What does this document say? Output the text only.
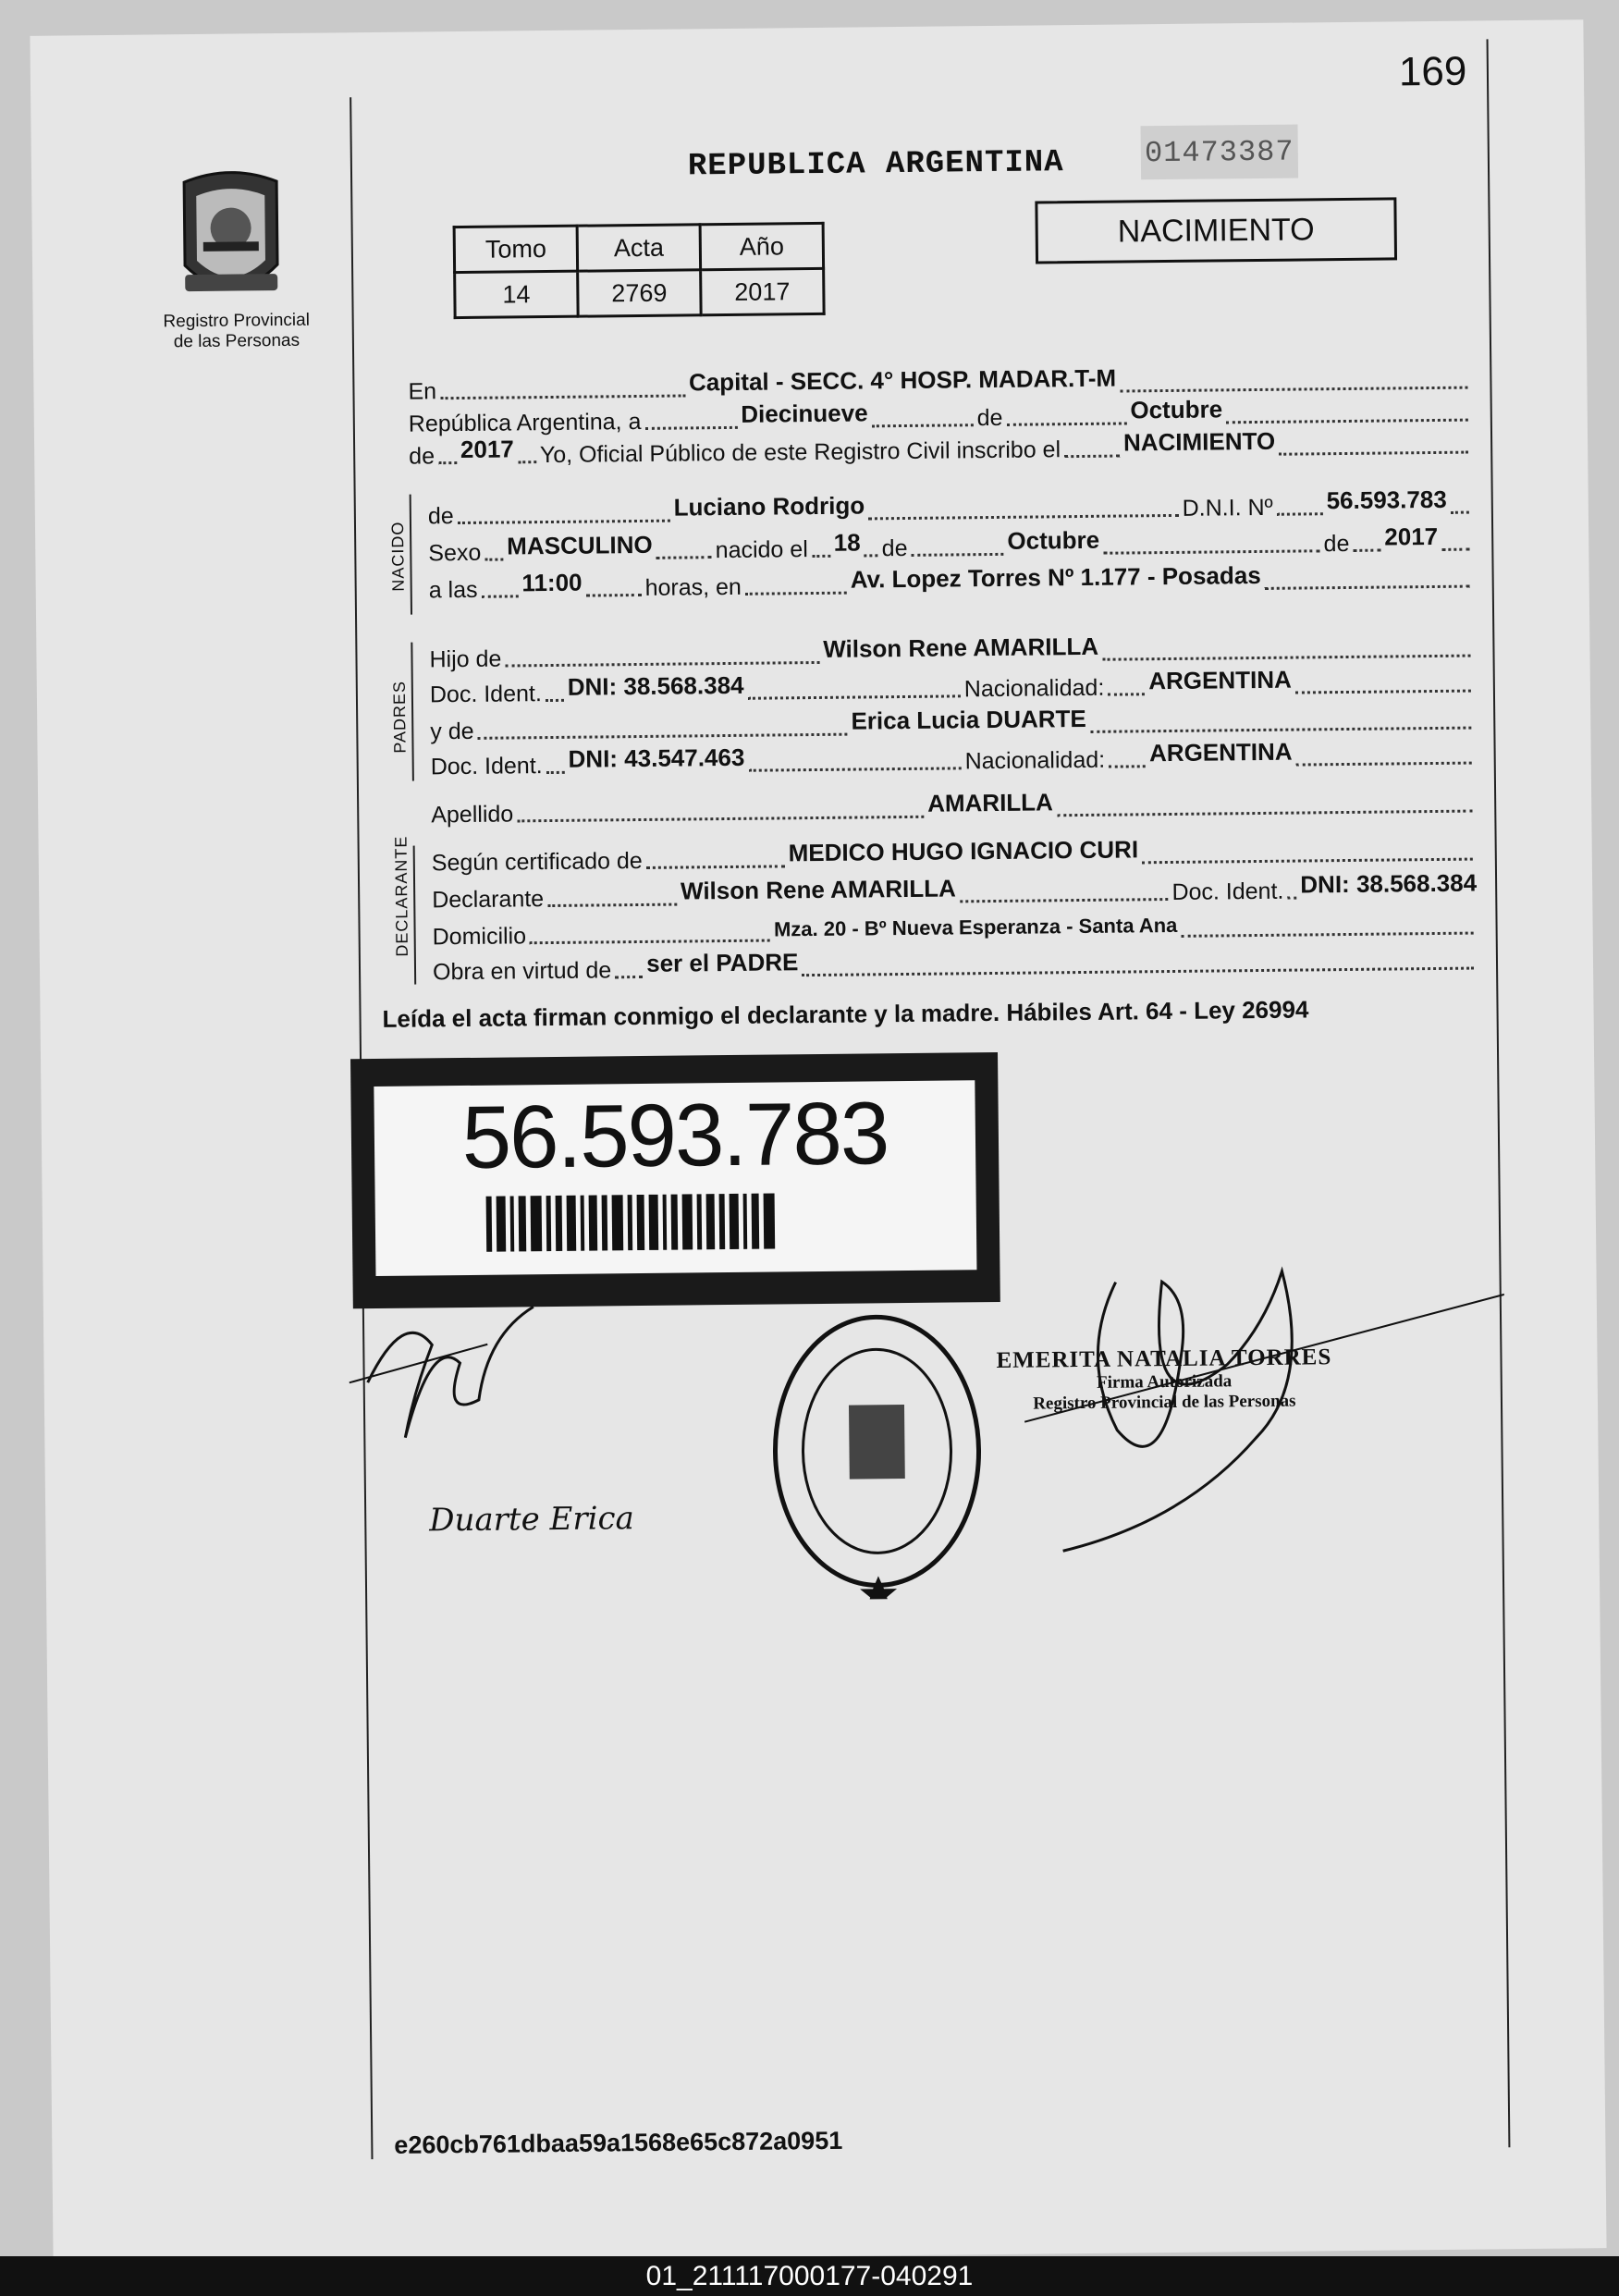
169
Registro Provincial
de las Personas
REPUBLICA ARGENTINA	01473387
Tomo	Acta	Año
14	2769	2017
NACIMIENTO
En	Capital - SECC. 4° HOSP. MADAR.T-M
República Argentina, a	Diecinueve	de	Octubre
de 2017 Yo, Oficial Público de este Registro Civil inscribo el	NACIMIENTO
NACIDO
de	Luciano Rodrigo	D.N.I. Nº 56.593.783
Sexo MASCULINO	nacido el 18 de	Octubre	de 2017
a las 11:00	horas, en	Av. Lopez Torres Nº 1.177 - Posadas
PADRES
Hijo de	Wilson Rene AMARILLA
Doc. Ident. DNI: 38.568.384	Nacionalidad: ARGENTINA
y de	Erica Lucia DUARTE
Doc. Ident. DNI: 43.547.463	Nacionalidad: ARGENTINA
Apellido	AMARILLA
DECLARANTE Según certificado de	MEDICO HUGO IGNACIO CURI
Declarante	Wilson Rene AMARILLA	Doc. Ident. DNI: 38.568.384
Domicilio	Mza. 20 - Bº Nueva Esperanza - Santa Ana
Obra en virtud de ser el PADRE
Leída el acta firman conmigo el declarante y la madre. Hábiles Art. 64 - Ley 26994
56.593.783
Duarte Erica
EMERITA NATALIA TORRES
Firma Autorizada
Registro Provincial de las Personas
e260cb761dbaa59a1568e65c872a0951
01_211117000177-040291
